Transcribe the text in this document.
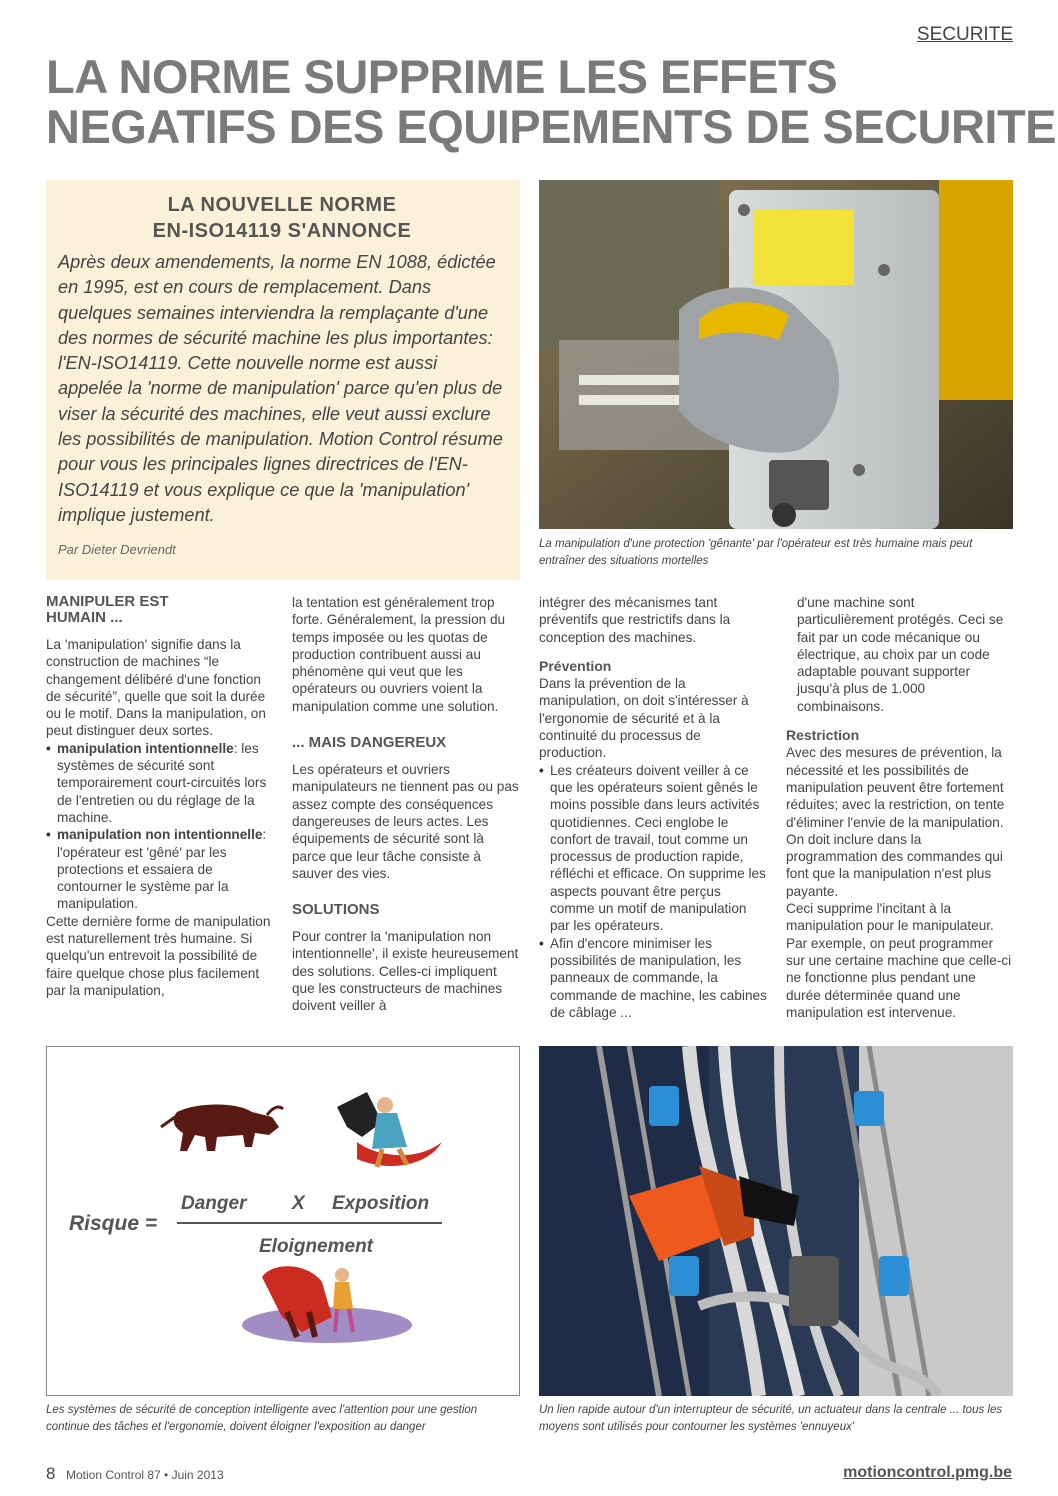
SECURITE
LA NORME SUPPRIME LES EFFETS
NEGATIFS DES EQUIPEMENTS DE SECURITE
LA NOUVELLE NORME
EN-ISO14119 S'ANNONCE

Après deux amendements, la norme EN 1088, édictée en 1995, est en cours de remplacement. Dans quelques semaines interviendra la remplaçante d'une des normes de sécurité machine les plus importantes: l'EN-ISO14119. Cette nouvelle norme est aussi appelée la 'norme de manipulation' parce qu'en plus de viser la sécurité des machines, elle veut aussi exclure les possibilités de manipulation. Motion Control résume pour vous les principales lignes directrices de l'EN-ISO14119 et vous explique ce que la 'manipulation' implique justement.

Par Dieter Devriendt	La manipulation d'une protection 'gênante' par l'opérateur est très humaine mais peut entraîner des situations mortelles
MANIPULER EST HUMAIN ...

La 'manipulation' signifie dans la construction de machines “le changement délibéré d'une fonction de sécurité”, quelle que soit la durée ou le motif. Dans la manipulation, on peut distinguer deux sortes.

• manipulation intentionnelle: les systèmes de sécurité sont temporairement court-circuités lors de l'entretien ou du réglage de la machine.
• manipulation non intentionnelle: l'opérateur est 'gêné' par les protections et essaiera de contourner le système par la manipulation.

Cette dernière forme de manipulation est naturellement très humaine. Si quelqu'un entrevoit la possibilité de faire quelque chose plus facilement par la manipulation,

la tentation est généralement trop forte. Généralement, la pression du temps imposée ou les quotas de production contribuent aussi au phénomène qui veut que les opérateurs ou ouvriers voient la manipulation comme une solution.

... MAIS DANGEREUX

Les opérateurs et ouvriers manipulateurs ne tiennent pas ou pas assez compte des conséquences dangereuses de leurs actes. Les équipements de sécurité sont là parce que leur tâche consiste à sauver des vies.

SOLUTIONS

Pour contrer la 'manipulation non intentionnelle', il existe heureusement des solutions. Celles-ci impliquent que les constructeurs de machines doivent veiller à

intégrer des mécanismes tant préventifs que restrictifs dans la conception des machines.

Prévention

Dans la prévention de la manipulation, on doit s'intéresser à l'ergonomie de sécurité et à la continuité du processus de production.

• Les créateurs doivent veiller à ce que les opérateurs soient gênés le moins possible dans leurs activités quotidiennes. Ceci englobe le confort de travail, tout comme un processus de production rapide, réfléchi et efficace. On supprime les aspects pouvant être perçus comme un motif de manipulation par les opérateurs.
• Afin d'encore minimiser les possibilités de manipulation, les panneaux de commande, la commande de machine, les cabines de câblage ...

d'une machine sont particulièrement protégés. Ceci se fait par un code mécanique ou électrique, au choix par un code adaptable pouvant supporter jusqu'à plus de 1.000 combinaisons.

Restriction

Avec des mesures de prévention, la nécessité et les possibilités de manipulation peuvent être fortement réduites; avec la restriction, on tente d'éliminer l'envie de la manipulation. On doit inclure dans la programmation des commandes qui font que la manipulation n'est plus payante.

Ceci supprime l'incitant à la manipulation pour le manipulateur. Par exemple, on peut programmer sur une certaine machine que celle-ci ne fonctionne plus pendant une durée déterminée quand une manipulation est intervenue.

Risque =
Danger X Exposition
Eloignement
Les systèmes de sécurité de conception intelligente avec l'attention pour une gestion continue des tâches et l'ergonomie, doivent éloigner l'exposition au danger
Un lien rapide autour d'un interrupteur de sécurité, un actuateur dans la centrale ... tous les moyens sont utilisés pour contourner les systèmes 'ennuyeux'
8 Motion Control 87 • Juin 2013	motioncontrol.pmg.be
